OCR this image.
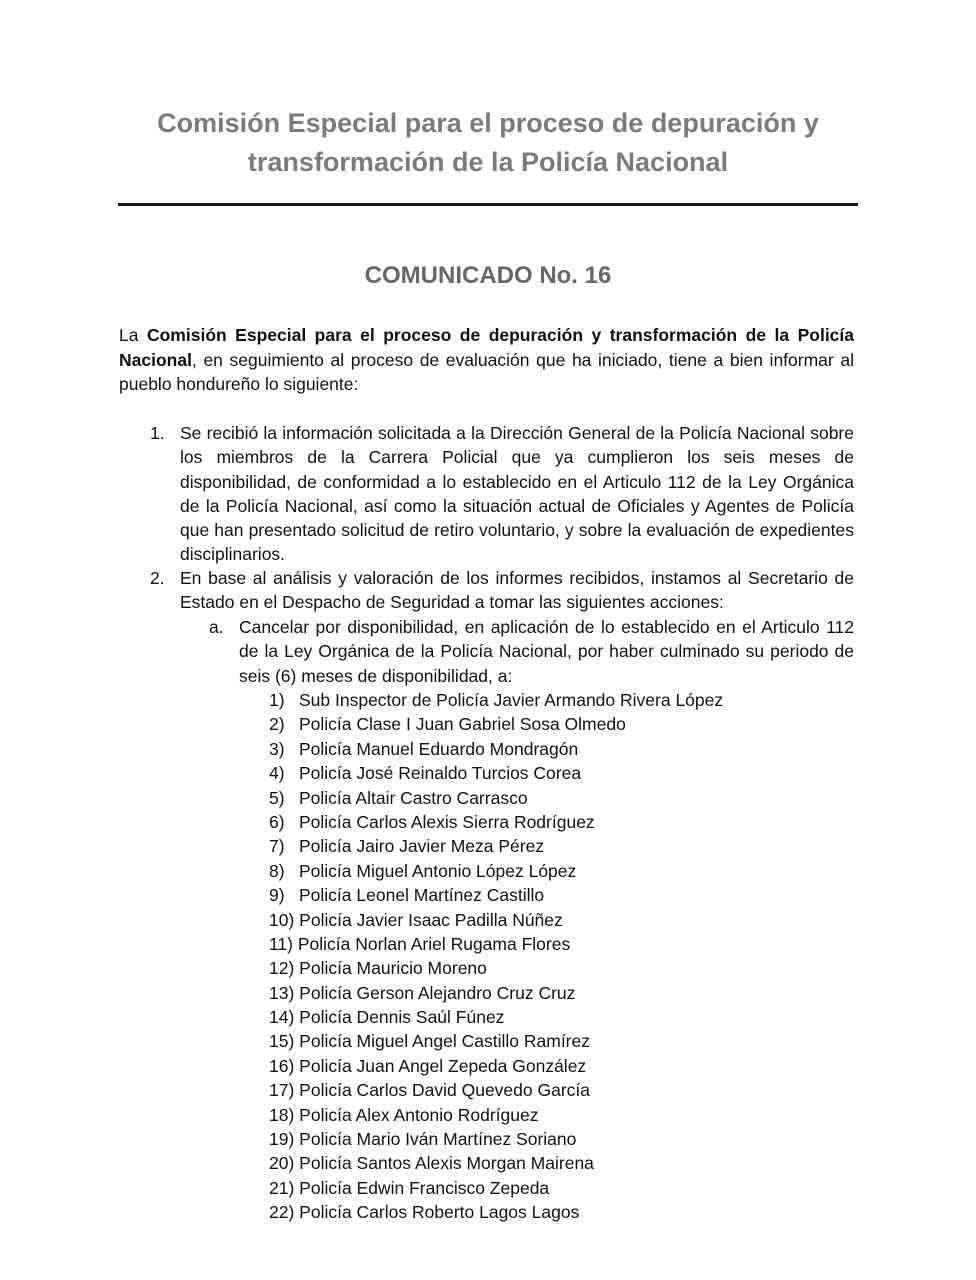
Comisión Especial para el proceso de depuración y
transformación de la Policía Nacional
COMUNICADO No. 16
La Comisión Especial para el proceso de depuración y transformación de la Policía Nacional, en seguimiento al proceso de evaluación que ha iniciado, tiene a bien informar al pueblo hondureño lo siguiente:
1. Se recibió la información solicitada a la Dirección General de la Policía Nacional sobre los miembros de la Carrera Policial que ya cumplieron los seis meses de disponibilidad, de conformidad a lo establecido en el Articulo 112 de la Ley Orgánica de la Policía Nacional, así como la situación actual de Oficiales y Agentes de Policía que han presentado solicitud de retiro voluntario, y sobre la evaluación de expedientes disciplinarios.
2. En base al análisis y valoración de los informes recibidos, instamos al Secretario de Estado en el Despacho de Seguridad a tomar las siguientes acciones:
a. Cancelar por disponibilidad, en aplicación de lo establecido en el Articulo 112 de la Ley Orgánica de la Policía Nacional, por haber culminado su periodo de seis (6) meses de disponibilidad, a:
1) Sub Inspector de Policía Javier Armando Rivera López
2) Policía Clase I Juan Gabriel Sosa Olmedo
3) Policía Manuel Eduardo Mondragón
4) Policía José Reinaldo Turcios Corea
5) Policía Altair Castro Carrasco
6) Policía Carlos Alexis Sierra Rodríguez
7) Policía Jairo Javier Meza Pérez
8) Policía Miguel Antonio López López
9) Policía Leonel Martínez Castillo
10) Policía Javier Isaac Padilla Núñez
11) Policía Norlan Ariel Rugama Flores
12) Policía Mauricio Moreno
13) Policía Gerson Alejandro Cruz Cruz
14) Policía Dennis Saúl Fúnez
15) Policía Miguel Angel Castillo Ramírez
16) Policía Juan Angel Zepeda González
17) Policía Carlos David Quevedo García
18) Policía Alex Antonio Rodríguez
19) Policía Mario Iván Martínez Soriano
20) Policía Santos Alexis Morgan Mairena
21) Policía Edwin Francisco Zepeda
22) Policía Carlos Roberto Lagos Lagos
